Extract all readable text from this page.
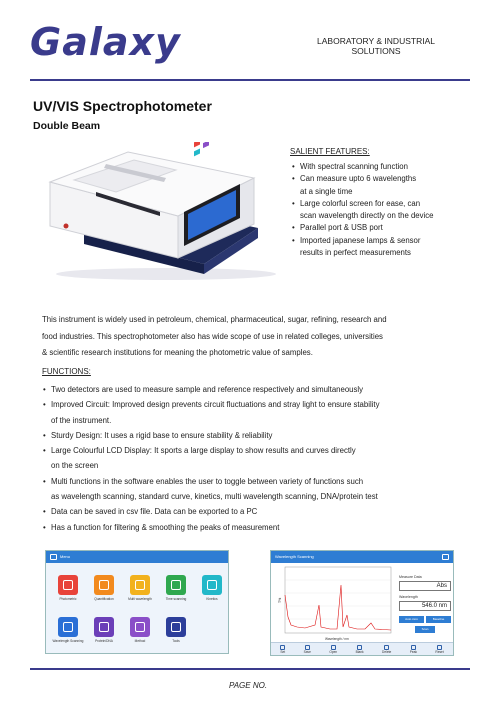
Galaxy	LABORATORY & INDUSTRIAL
SOLUTIONS
UV/VIS Spectrophotometer
Double Beam
SALIENT FEATURES:
• With spectral scanning function
• Can measure upto 6 wavelengths
at a single time
• Large colorful screen for ease, can
scan wavelength directly on the device
• Parallel port & USB port
• Imported japanese lamps & sensor
results in perfect measurements
This instrument is widely used in petroleum, chemical, pharmaceutical, sugar, refining, research and
food industries. This spectrophotometer also has wide scope of use in related colleges, universities
& scientific research institutions for meaning the photometric value of samples.
FUNCTIONS:
• Two detectors are used to measure sample and reference respectively and simultaneously
• Improved Circuit: Improved design prevents circuit fluctuations and stray light to ensure stability
of the instrument.
• Sturdy Design: It uses a rigid base to ensure stability & reliability
• Large Colourful LCD Display: It sports a large display to show results and curves directly
on the screen
• Multi functions in the software enables the user to toggle between variety of functions such
as wavelength scanning, standard curve, kinetics, multi wavelength scanning, DNA/protein test
• Data can be saved in csv file. Data can be exported to a PC
• Has a function for filtering & smoothing the peaks of measurement
Menu
Photometric	Quantification	Multi wavelength	Time scanning	Kinetics
Wavelength Scanning	Protein/DNA	Method	Tools
Wavelength Scanning
T%
Wavelength / nm
Measure Data
Abs
Wavelength
546.0 nm
Auto zero	Baseline
Scan
Set	Save	Open	Blank	Delete	Peak	Reset
PAGE NO.
